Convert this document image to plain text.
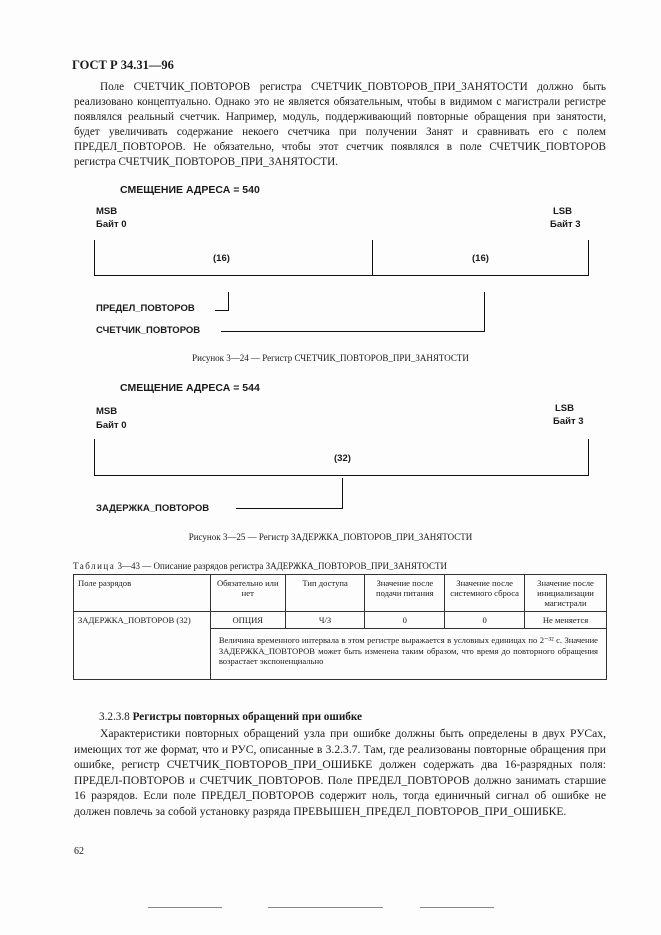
ГОСТ Р 34.31—96
Поле СЧЕТЧИК_ПОВТОРОВ регистра СЧЕТЧИК_ПОВТОРОВ_ПРИ_ЗАНЯТОСТИ должно быть реализовано концептуально. Однако это не является обязательным, чтобы в видимом с магистрали регистре появлялся реальный счетчик. Например, модуль, поддерживающий повторные обращения при занятости, будет увеличивать содержание некоего счетчика при получении Занят и сравнивать его с полем ПРЕДЕЛ_ПОВТОРОВ. Не обязательно, чтобы этот счетчик появлялся в поле СЧЕТЧИК_ПОВТОРОВ регистра СЧЕТЧИК_ПОВТОРОВ_ПРИ_ЗАНЯТОСТИ.
СМЕЩЕНИЕ АДРЕСА = 540
MSB
Байт 0
LSB
Байт 3
(16)	(16)
ПРЕДЕЛ_ПОВТОРОВ
СЧЕТЧИК_ПОВТОРОВ
Рисунок 3—24 — Регистр СЧЕТЧИК_ПОВТОРОВ_ПРИ_ЗАНЯТОСТИ
СМЕЩЕНИЕ АДРЕСА = 544
MSB
Байт 0
LSB
Байт 3
(32)
ЗАДЕРЖКА_ПОВТОРОВ
Рисунок 3—25 — Регистр ЗАДЕРЖКА_ПОВТОРОВ_ПРИ_ЗАНЯТОСТИ
Таблица 3—43 — Описание разрядов регистра ЗАДЕРЖКА_ПОВТОРОВ_ПРИ_ЗАНЯТОСТИ
Поле разрядов	Обязательно или нет	Тип доступа	Значение после подачи питания	Значение после системного сброса	Значение после инициализации магистрали
ЗАДЕРЖКА_ПОВТОРОВ (32)	ОПЦИЯ	Ч/З	0	0	Не меняется
	Величина временного интервала в этом регистре выражается в условных единицах по 2⁻³² с. Значение ЗАДЕРЖКА_ПОВТОРОВ может быть изменена таким образом, что время до повторного обращения возрастает экспоненциально				
3.2.3.8 Регистры повторных обращений при ошибке
Характеристики повторных обращений узла при ошибке должны быть определены в двух РУСах, имеющих тот же формат, что и РУС, описанные в 3.2.3.7. Там, где реализованы повторные обращения при ошибке, регистр СЧЕТЧИК_ПОВТОРОВ_ПРИ_ОШИБКЕ должен содержать два 16-разрядных поля: ПРЕДЕЛ-ПОВТОРОВ и СЧЕТЧИК_ПОВТОРОВ. Поле ПРЕДЕЛ_ПОВТОРОВ должно занимать старшие 16 разрядов. Если поле ПРЕДЕЛ_ПОВТОРОВ содержит ноль, тогда единичный сигнал об ошибке не должен повлечь за собой установку разряда ПРЕВЫШЕН_ПРЕДЕЛ_ПОВТОРОВ_ПРИ_ОШИБКЕ.
62
